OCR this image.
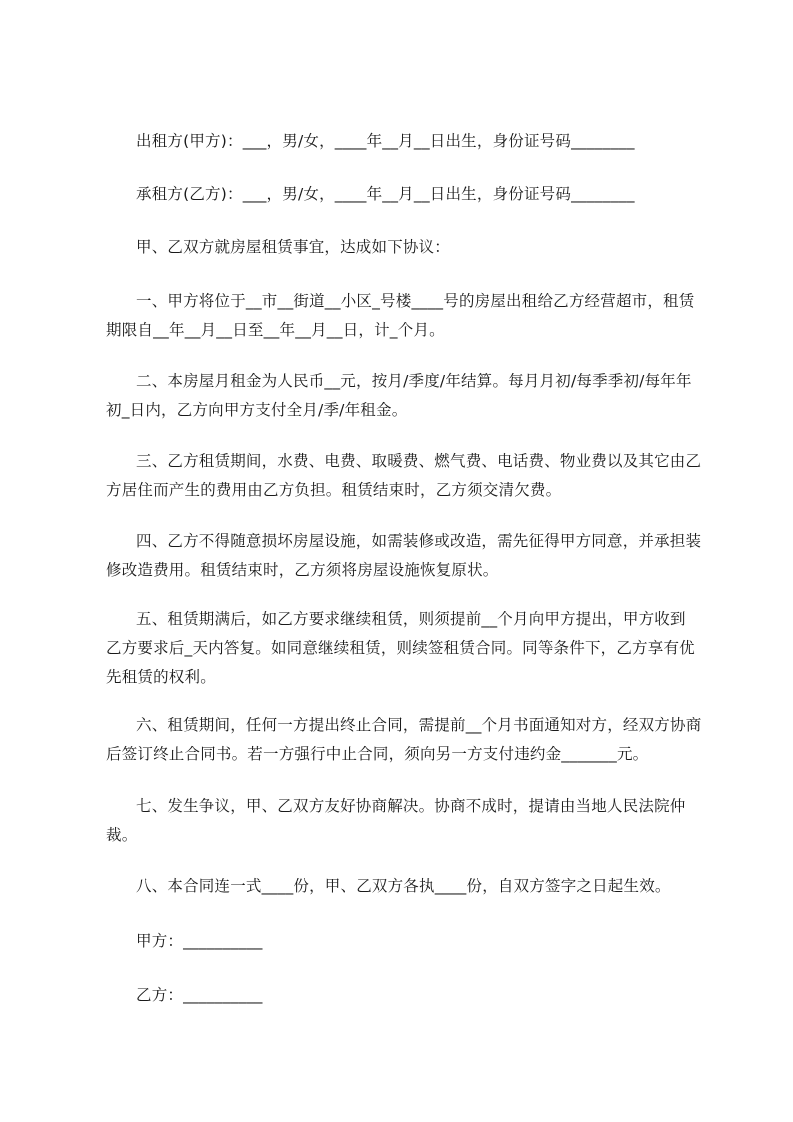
出租方(甲方)：___，男/女，____年__月__日出生，身份证号码________
承租方(乙方)：___，男/女，____年__月__日出生，身份证号码________
甲、乙双方就房屋租赁事宜，达成如下协议：
一、甲方将位于__市__街道__小区_号楼____号的房屋出租给乙方经营超市，租赁期限自__年__月__日至__年__月__日，计_个月。
二、本房屋月租金为人民币__元，按月/季度/年结算。每月月初/每季季初/每年年初_日内，乙方向甲方支付全月/季/年租金。
三、乙方租赁期间，水费、电费、取暖费、燃气费、电话费、物业费以及其它由乙方居住而产生的费用由乙方负担。租赁结束时，乙方须交清欠费。
四、乙方不得随意损坏房屋设施，如需装修或改造，需先征得甲方同意，并承担装修改造费用。租赁结束时，乙方须将房屋设施恢复原状。
五、租赁期满后，如乙方要求继续租赁，则须提前__个月向甲方提出，甲方收到 乙方要求后_天内答复。如同意继续租赁，则续签租赁合同。同等条件下，乙方享有优先租赁的权利。
六、租赁期间，任何一方提出终止合同，需提前__个月书面通知对方，经双方协商后签订终止合同书。若一方强行中止合同，须向另一方支付违约金_______元。
七、发生争议，甲、乙双方友好协商解决。协商不成时，提请由当地人民法院仲裁。
八、本合同连一式____份，甲、乙双方各执____份，自双方签字之日起生效。
甲方：__________
乙方：__________
